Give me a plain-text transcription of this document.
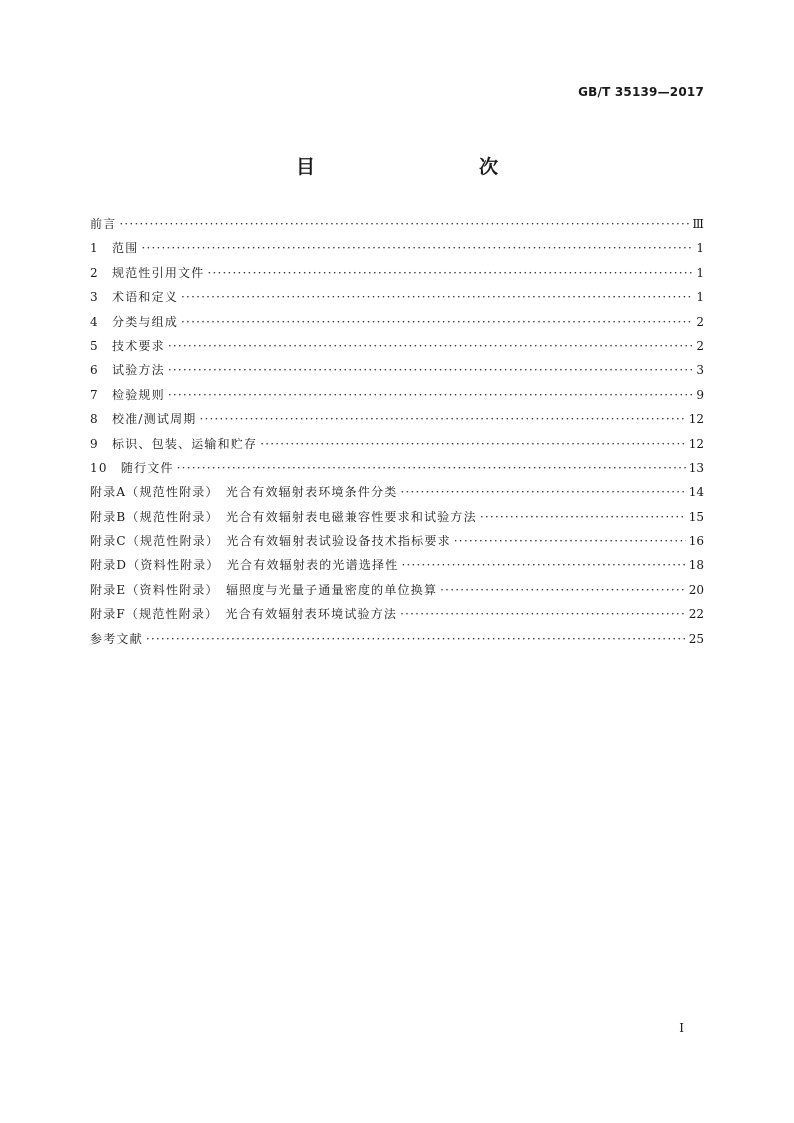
GB/T 35139—2017
目　　次
前言 ·····	Ⅲ
1　范围 ·····	1
2　规范性引用文件 ·····	1
3　术语和定义 ·····	1
4　分类与组成 ·····	2
5　技术要求 ·····	2
6　试验方法 ·····	3
7　检验规则 ·····	9
8　校准/测试周期 ·····	12
9　标识、包装、运输和贮存 ·····	12
10　随行文件 ·····	13
附录A（规范性附录）　光合有效辐射表环境条件分类 ·····	14
附录B（规范性附录）　光合有效辐射表电磁兼容性要求和试验方法 ·····	15
附录C（规范性附录）　光合有效辐射表试验设备技术指标要求 ·····	16
附录D（资料性附录）　光合有效辐射表的光谱选择性 ·····	18
附录E（资料性附录）　辐照度与光量子通量密度的单位换算 ·····	20
附录F（规范性附录）　光合有效辐射表环境试验方法 ·····	22
参考文献 ·····	25
I
